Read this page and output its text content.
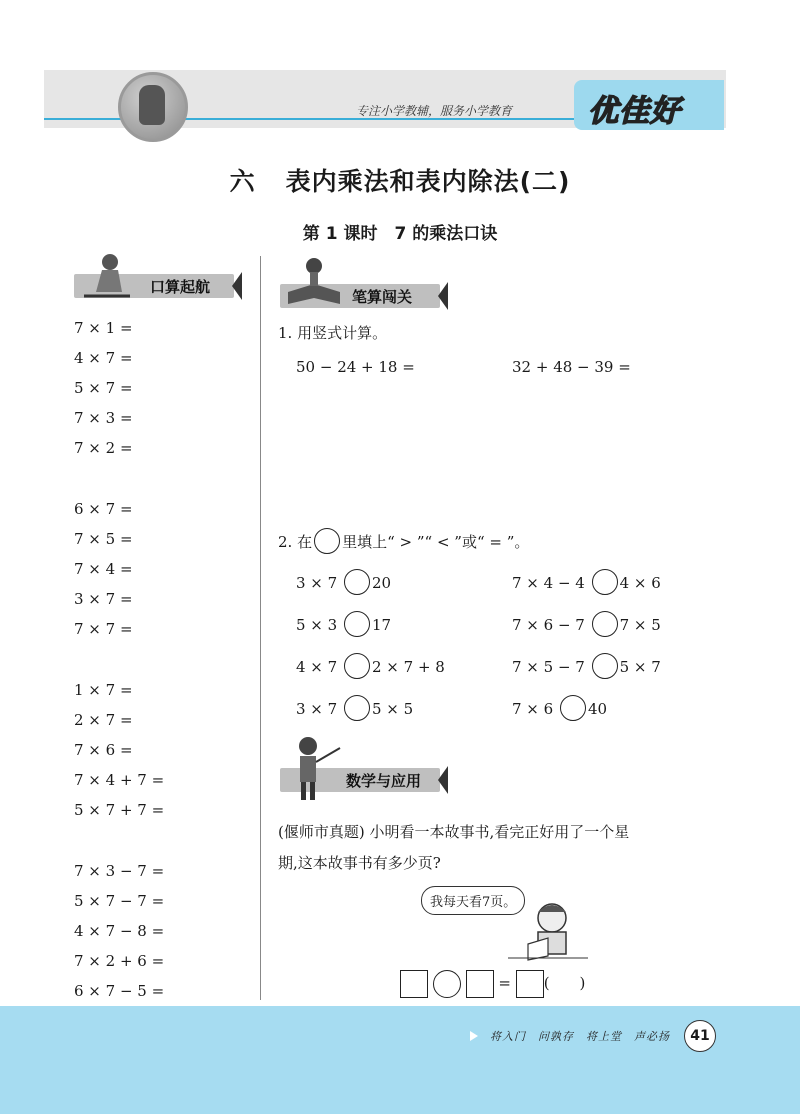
专注小学教辅，服务小学教育	优佳好
六 表内乘法和表内除法(二)
第 1 课时　7 的乘法口诀
口算起航
7 × 1 =
4 × 7 =
5 × 7 =
7 × 3 =
7 × 2 =
6 × 7 =
7 × 5 =
7 × 4 =
3 × 7 =
7 × 7 =
1 × 7 =
2 × 7 =
7 × 6 =
7 × 4 + 7 =
5 × 7 + 7 =
7 × 3 − 7 =
5 × 7 − 7 =
4 × 7 − 8 =
7 × 2 + 6 =
6 × 7 − 5 =
笔算闯关
1. 用竖式计算。
50 − 24 + 18 =	32 + 48 − 39 =
2. 在 里填上“ > ”“ < ”或“ = ”。
3 × 7 20	7 × 4 − 4 4 × 6
5 × 3 17	7 × 6 − 7 7 × 5
4 × 7 2 × 7 + 8	7 × 5 − 7 5 × 7
3 × 7 5 × 5	7 × 6 40
数学与应用
(偃师市真题) 小明看一本故事书,看完正好用了一个星
期,这本故事书有多少页?
我每天看7页。
= (　　)
将入门　问孰存　将上堂　声必扬	41
